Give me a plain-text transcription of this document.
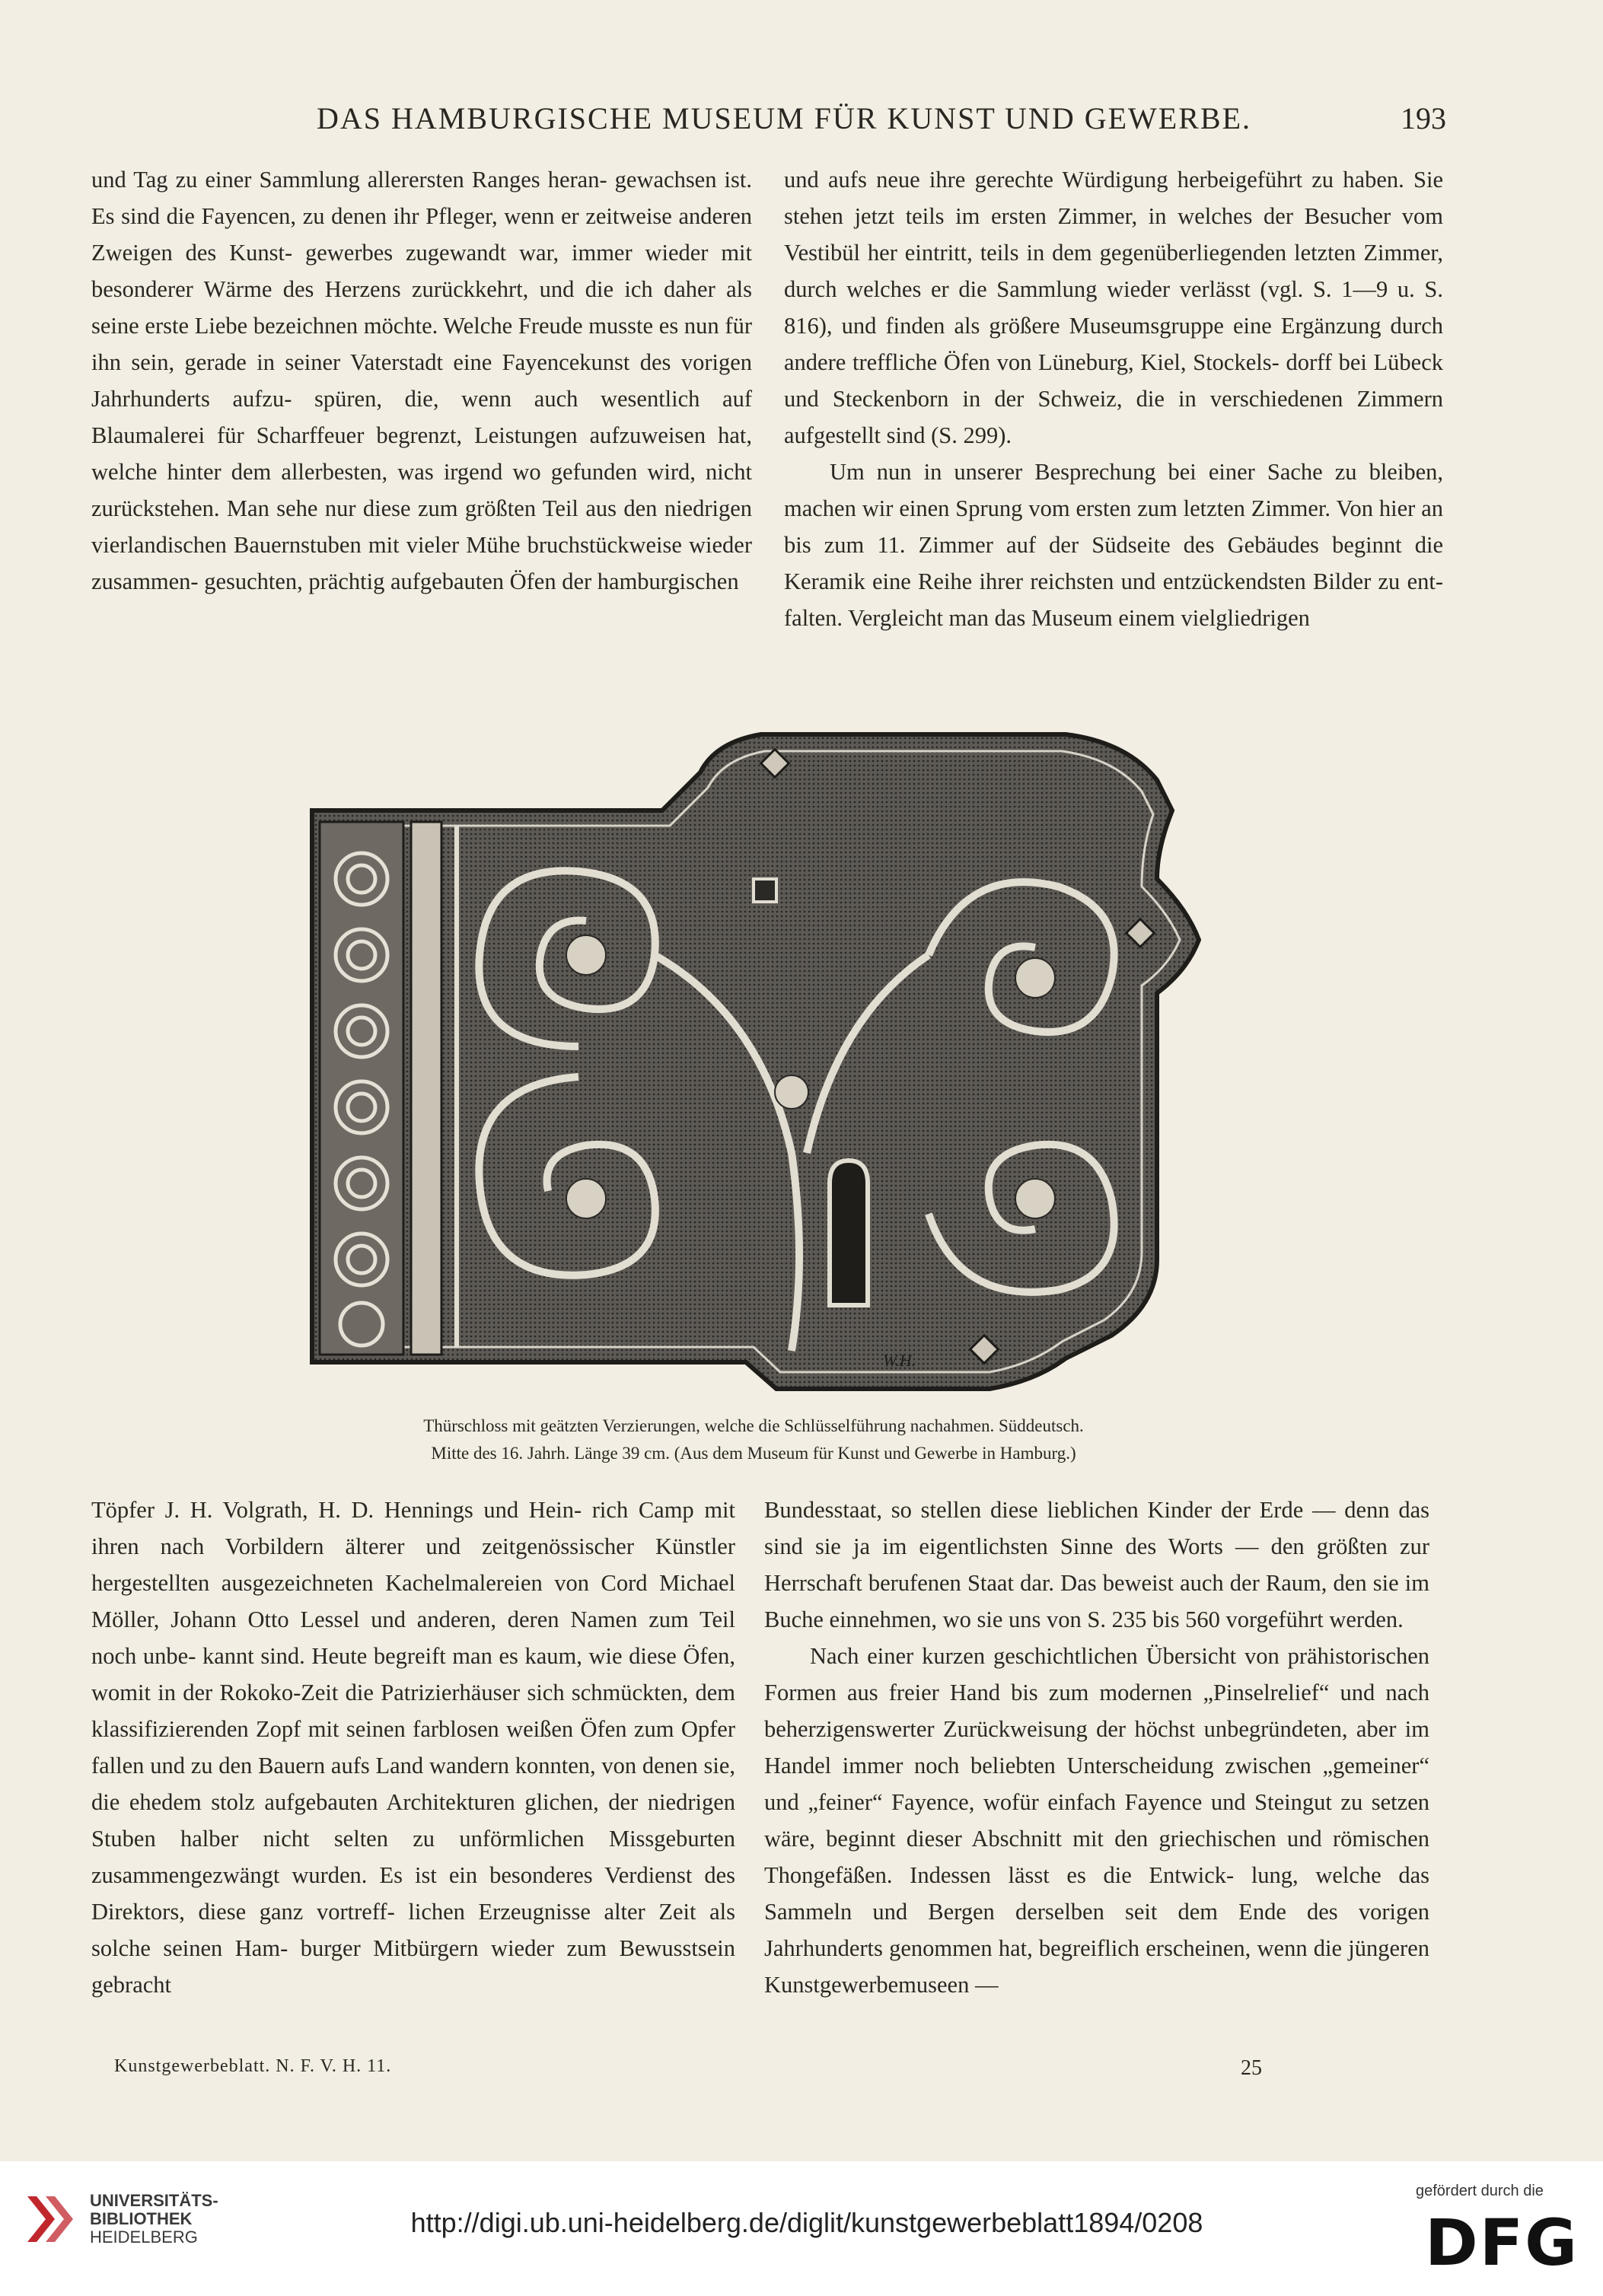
DAS HAMBURGISCHE MUSEUM FÜR KUNST UND GEWERBE.	193

und Tag zu einer Sammlung allerersten Ranges heran- gewachsen ist. Es sind die Fayencen, zu denen ihr Pfleger, wenn er zeitweise anderen Zweigen des Kunst- gewerbes zugewandt war, immer wieder mit besonderer Wärme des Herzens zurückkehrt, und die ich daher als seine erste Liebe bezeichnen möchte. Welche Freude musste es nun für ihn sein, gerade in seiner Vaterstadt eine Fayencekunst des vorigen Jahrhunderts aufzu- spüren, die, wenn auch wesentlich auf Blaumalerei für Scharffeuer begrenzt, Leistungen aufzuweisen hat, welche hinter dem allerbesten, was irgend wo gefunden wird, nicht zurückstehen. Man sehe nur diese zum größten Teil aus den niedrigen vierlandischen Bauernstuben mit vieler Mühe bruchstückweise wieder zusammen- gesuchten, prächtig aufgebauten Öfen der hamburgischen

und aufs neue ihre gerechte Würdigung herbeigeführt zu haben. Sie stehen jetzt teils im ersten Zimmer, in welches der Besucher vom Vestibül her eintritt, teils in dem gegenüberliegenden letzten Zimmer, durch welches er die Sammlung wieder verlässt (vgl. S. 1—9 u. S. 816), und finden als größere Museumsgruppe eine Ergänzung durch andere treffliche Öfen von Lüneburg, Kiel, Stockels- dorff bei Lübeck und Steckenborn in der Schweiz, die in verschiedenen Zimmern aufgestellt sind (S. 299).

Um nun in unserer Besprechung bei einer Sache zu bleiben, machen wir einen Sprung vom ersten zum letzten Zimmer. Von hier an bis zum 11. Zimmer auf der Südseite des Gebäudes beginnt die Keramik eine Reihe ihrer reichsten und entzückendsten Bilder zu ent- falten. Vergleicht man das Museum einem vielgliedrigen

W.H.
Thürschloss mit geätzten Verzierungen, welche die Schlüsselführung nachahmen. Süddeutsch.
Mitte des 16. Jahrh. Länge 39 cm. (Aus dem Museum für Kunst und Gewerbe in Hamburg.)

Töpfer J. H. Volgrath, H. D. Hennings und Hein- rich Camp mit ihren nach Vorbildern älterer und zeitgenössischer Künstler hergestellten ausgezeichneten Kachelmalereien von Cord Michael Möller, Johann Otto Lessel und anderen, deren Namen zum Teil noch unbe- kannt sind. Heute begreift man es kaum, wie diese Öfen, womit in der Rokoko-Zeit die Patrizierhäuser sich schmückten, dem klassifizierenden Zopf mit seinen farblosen weißen Öfen zum Opfer fallen und zu den Bauern aufs Land wandern konnten, von denen sie, die ehedem stolz aufgebauten Architekturen glichen, der niedrigen Stuben halber nicht selten zu unförmlichen Missgeburten zusammengezwängt wurden. Es ist ein besonderes Verdienst des Direktors, diese ganz vortreff- lichen Erzeugnisse alter Zeit als solche seinen Ham- burger Mitbürgern wieder zum Bewusstsein gebracht

Bundesstaat, so stellen diese lieblichen Kinder der Erde — denn das sind sie ja im eigentlichsten Sinne des Worts — den größten zur Herrschaft berufenen Staat dar. Das beweist auch der Raum, den sie im Buche einnehmen, wo sie uns von S. 235 bis 560 vorgeführt werden.

Nach einer kurzen geschichtlichen Übersicht von prähistorischen Formen aus freier Hand bis zum modernen „Pinselrelief“ und nach beherzigenswerter Zurückweisung der höchst unbegründeten, aber im Handel immer noch beliebten Unterscheidung zwischen „gemeiner“ und „feiner“ Fayence, wofür einfach Fayence und Steingut zu setzen wäre, beginnt dieser Abschnitt mit den griechischen und römischen Thongefäßen. Indessen lässt es die Entwick- lung, welche das Sammeln und Bergen derselben seit dem Ende des vorigen Jahrhunderts genommen hat, begreiflich erscheinen, wenn die jüngeren Kunstgewerbemuseen —

Kunstgewerbeblatt. N. F. V. H. 11.	25
UNIVERSITÄTS-
BIBLIOTHEK
HEIDELBERG	http://digi.ub.uni-heidelberg.de/diglit/kunstgewerbeblatt1894/0208
gefördert durch die
DFG
